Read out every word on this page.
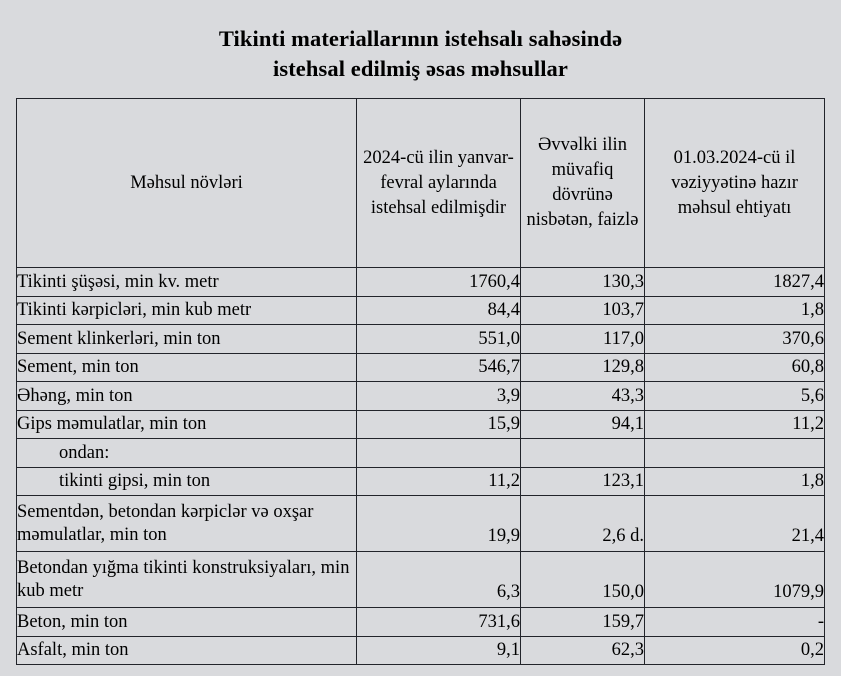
Tikinti materiallarının istehsalı sahəsində
istehsal edilmiş əsas məhsullar
Məhsul növləri	2024-cü ilin yanvar-fevral aylarında istehsal edilmişdir	Əvvəlki ilin müvafiq dövrünə nisbətən, faizlə	01.03.2024-cü il vəziyyətinə hazır məhsul ehtiyatı
Tikinti şüşəsi, min kv. metr	1760,4	130,3	1827,4
Tikinti kərpicləri, min kub metr	84,4	103,7	1,8
Sement klinkerləri, min ton	551,0	117,0	370,6
Sement, min ton	546,7	129,8	60,8
Əhəng, min ton	3,9	43,3	5,6
Gips məmulatlar, min ton	15,9	94,1	11,2
ondan:			
tikinti gipsi, min ton	11,2	123,1	1,8
Sementdən, betondan kərpiclər və oxşar məmulatlar, min ton	19,9	2,6 d.	21,4
Betondan yığma tikinti konstruksiyaları, min kub metr	6,3	150,0	1079,9
Beton, min ton	731,6	159,7	-
Asfalt, min ton	9,1	62,3	0,2
